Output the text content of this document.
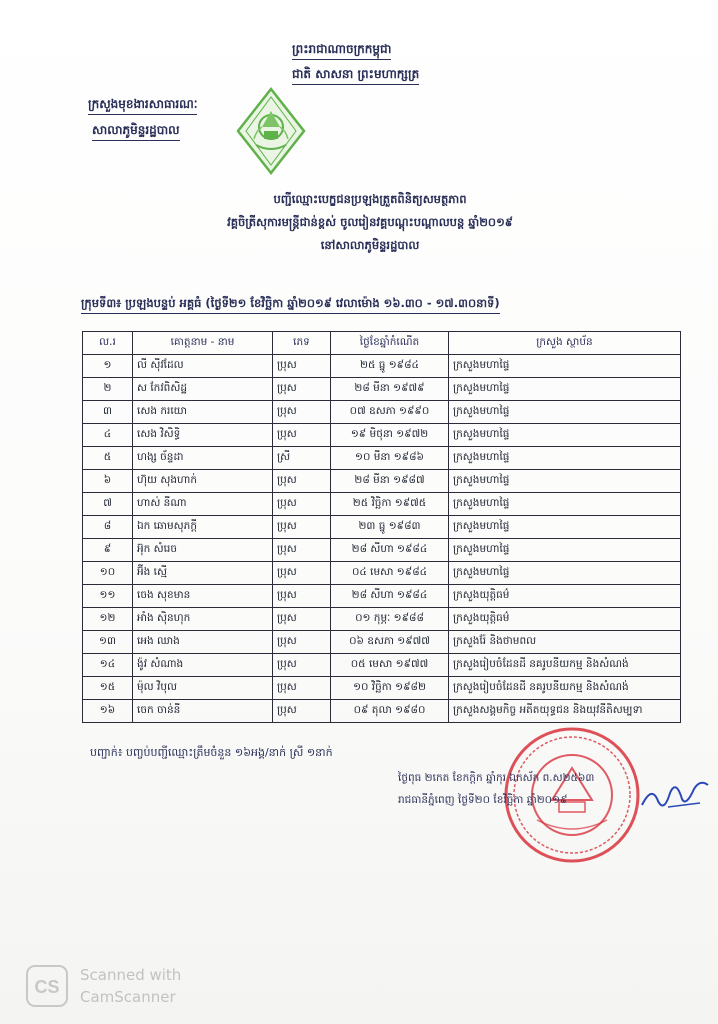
ព្រះរាជាណាចក្រកម្ពុជា
ជាតិ សាសនា ព្រះមហាក្សត្រ
ក្រសួងមុខងារសាធារណៈ
សាលាភូមិន្ទរដ្ឋបាល
បញ្ជីឈ្មោះបេក្ខជនប្រឡងត្រួតពិនិត្យសមត្ថភាព
វគ្គចិត្រីសុការមន្ត្រីជាន់ខ្ពស់ ចូលរៀនវគ្គបណ្តុះបណ្តាលបន្ត ឆ្នាំ២០១៩
នៅសាលាភូមិន្ទរដ្ឋបាល
ក្រុមទី៣៖ ប្រឡងបន្ទប់ អគ្គធំ (ថ្ងៃទី២១ ខែវិច្ឆិកា ឆ្នាំ២០១៩ វេលាម៉ោង ១៦.៣០ - ១៧.៣០នាទី)
ល.រ	គោត្តនាម - នាម	ភេទ	ថ្ងៃខែឆ្នាំកំណើត	ក្រសួង ស្ថាប័ន
១	លី ស៊ីវដែល	ប្រុស	២៥ ធ្នូ ១៩៨៤	ក្រសួងមហាផ្ទៃ
២	ស កែវពិសិដ្ឋ	ប្រុស	២៨ មីនា ១៩៧៩	ក្រសួងមហាផ្ទៃ
៣	សេង ករយោ	ប្រុស	០៧ ឧសភា ១៩៩០	ក្រសួងមហាផ្ទៃ
៤	សេង វិសិទ្ធិ	ប្រុស	១៩ មិថុនា ១៩៧២	ក្រសួងមហាផ្ទៃ
៥	ហង្ស ច័ន្ទដា	ស្រី	១០ មីនា ១៩៨៦	ក្រសួងមហាផ្ទៃ
៦	ហ៊ុយ សុងហាក់	ប្រុស	២៨ មីនា ១៩៨៧	ក្រសួងមហាផ្ទៃ
៧	ហាស់ នីណា	ប្រុស	២៥ វិច្ឆិកា ១៩៧៥	ក្រសួងមហាផ្ទៃ
៨	ឯក ឆោមសុភក្តី	ប្រុស	២៣ ធ្នូ ១៩៨៣	ក្រសួងមហាផ្ទៃ
៩	អ៊ុក សំរេច	ប្រុស	២៨ សីហា ១៩៨៤	ក្រសួងមហាផ្ទៃ
១០	អ៊ីង ស្មើ	ប្រុស	០៤ មេសា ១៩៨៤	ក្រសួងមហាផ្ទៃ
១១	ចេង សុខមាន	ប្រុស	២៨ សីហា ១៩៨៤	ក្រសួងយុត្តិធម៌
១២	អាំង ស៊ិនហុក	ប្រុស	០១ កុម្ភៈ ១៩៨៨	ក្រសួងយុត្តិធម៌
១៣	អេង ឈាង	ប្រុស	០៦ ឧសភា ១៩៧៧	ក្រសួងរ៉ែ និងថាមពល
១៤	ង៉ូវ សំណាង	ប្រុស	០៥ មេសា ១៩៧៧	ក្រសួងរៀបចំដែនដី នគរូបនីយកម្ម និងសំណង់
១៥	ម៉ុល វិបុល	ប្រុស	១០ វិច្ឆិកា ១៩៨២	ក្រសួងរៀបចំដែនដី នគរូបនីយកម្ម និងសំណង់
១៦	ចេក ចាន់នី	ប្រុស	០៩ តុលា ១៩៨០	ក្រសួងសង្គមកិច្ច អតីតយុទ្ធជន និងយុវនីតិសម្បទា
បញ្ជាក់៖ បញ្ចប់បញ្ជីឈ្មោះត្រឹមចំនួន ១៦អង្គ/នាក់ ស្រី ១នាក់
ថ្ងៃពុធ ២កេត ខែកក្តិក ឆ្នាំកុរ ឯកស័ក ព.ស២៥៦៣
រាជធានីភ្នំពេញ ថ្ងៃទី២០ ខែវិច្ឆិកា ឆ្នាំ២០១៩
CS
Scanned with
CamScanner
